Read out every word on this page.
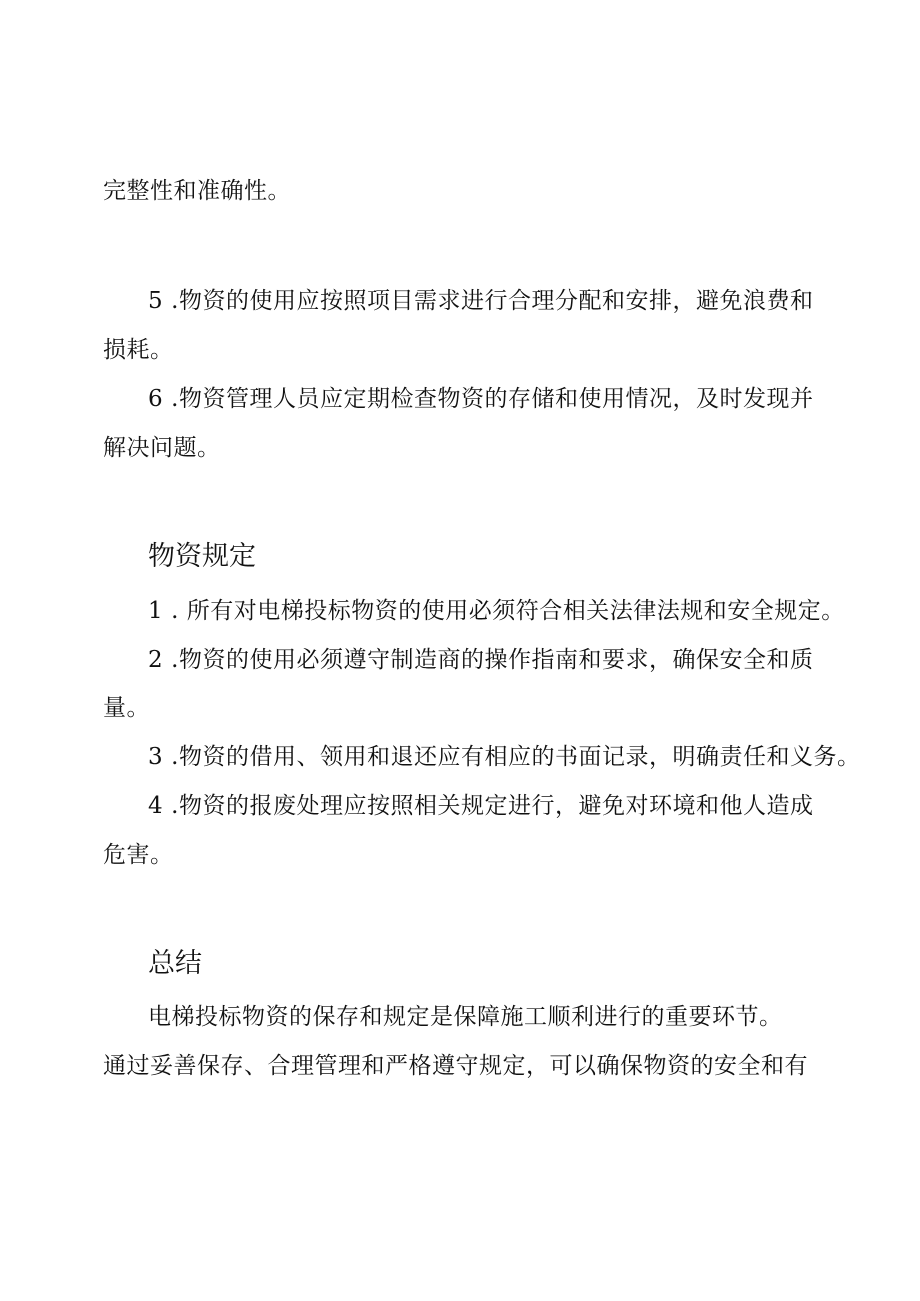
完整性和准确性。
5 .物资的使用应按照项目需求进行合理分配和安排，避免浪费和
损耗。
6 .物资管理人员应定期检查物资的存储和使用情况，及时发现并
解决问题。
物资规定
1 . 所有对电梯投标物资的使用必须符合相关法律法规和安全规定。
2 .物资的使用必须遵守制造商的操作指南和要求，确保安全和质
量。
3 .物资的借用、领用和退还应有相应的书面记录，明确责任和义务。
4 .物资的报废处理应按照相关规定进行，避免对环境和他人造成
危害。
总结
电梯投标物资的保存和规定是保障施工顺利进行的重要环节。
通过妥善保存、合理管理和严格遵守规定，可以确保物资的安全和有
